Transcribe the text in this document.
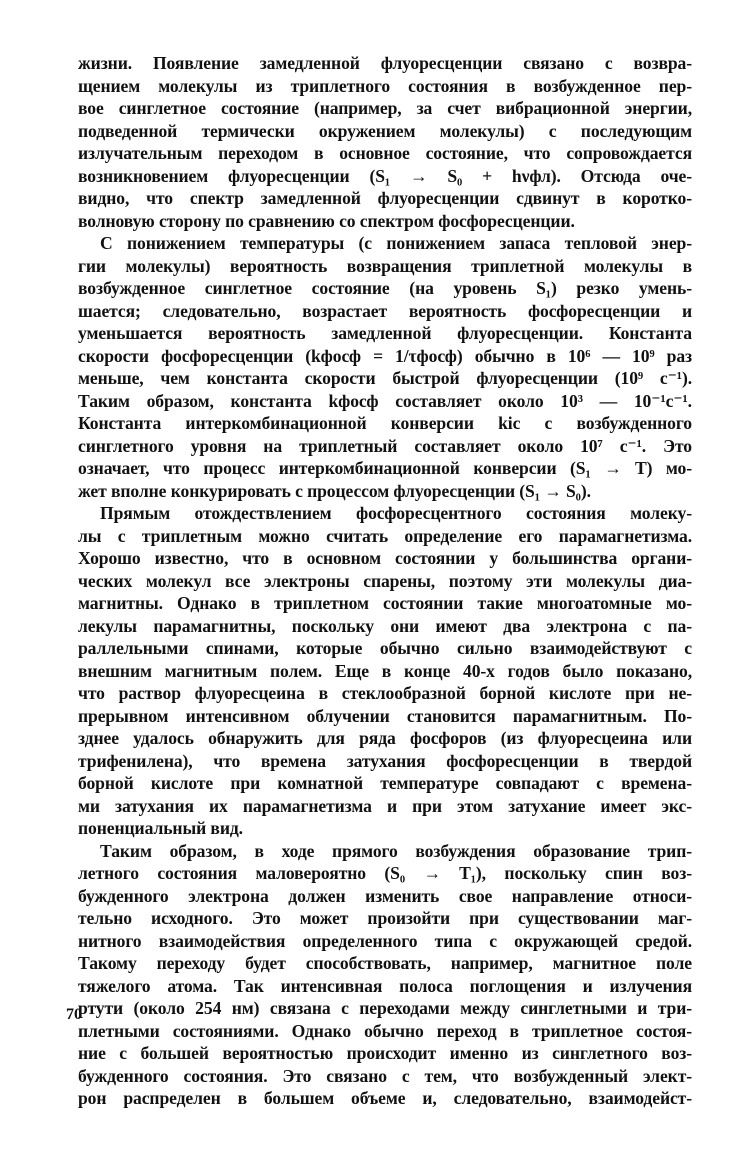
жизни. Появление замедленной флуоресценции связано с возвра-
щением молекулы из триплетного состояния в возбужденное пер-
вое синглетное состояние (например, за счет вибрационной энергии,
подведенной термически окружением молекулы) с последующим
излучательным переходом в основное состояние, что сопровождается
возникновением флуоресценции (S₁ → S₀ + hνфл). Отсюда оче-
видно, что спектр замедленной флуоресценции сдвинут в коротко-
волновую сторону по сравнению со спектром фосфоресценции.
С понижением температуры (с понижением запаса тепловой энер-
гии молекулы) вероятность возвращения триплетной молекулы в
возбужденное синглетное состояние (на уровень S₁) резко умень-
шается; следовательно, возрастает вероятность фосфоресценции и
уменьшается вероятность замедленной флуоресценции. Константа
скорости фосфоресценции (kфосф = 1/τфосф) обычно в 10⁶ — 10⁹ раз
меньше, чем константа скорости быстрой флуоресценции (10⁹ с⁻¹).
Таким образом, константа kфосф составляет около 10³ — 10⁻¹с⁻¹.
Константа интеркомбинационной конверсии kic с возбужденного
синглетного уровня на триплетный составляет около 10⁷ с⁻¹. Это
означает, что процесс интеркомбинационной конверсии (S₁ → T) мо-
жет вполне конкурировать с процессом флуоресценции (S₁ → S₀).
Прямым отождествлением фосфоресцентного состояния молеку-
лы с триплетным можно считать определение его парамагнетизма.
Хорошо известно, что в основном состоянии у большинства органи-
ческих молекул все электроны спарены, поэтому эти молекулы диа-
магнитны. Однако в триплетном состоянии такие многоатомные мо-
лекулы парамагнитны, поскольку они имеют два электрона с па-
раллельными спинами, которые обычно сильно взаимодействуют с
внешним магнитным полем. Еще в конце 40-х годов было показано,
что раствор флуоресцеина в стеклообразной борной кислоте при не-
прерывном интенсивном облучении становится парамагнитным. По-
зднее удалось обнаружить для ряда фосфоров (из флуоресцеина или
трифенилена), что времена затухания фосфоресценции в твердой
борной кислоте при комнатной температуре совпадают с времена-
ми затухания их парамагнетизма и при этом затухание имеет экс-
поненциальный вид.
Таким образом, в ходе прямого возбуждения образование трип-
летного состояния маловероятно (S₀ → T₁), поскольку спин воз-
бужденного электрона должен изменить свое направление относи-
тельно исходного. Это может произойти при существовании маг-
нитного взаимодействия определенного типа с окружающей средой.
Такому переходу будет способствовать, например, магнитное поле
тяжелого атома. Так интенсивная полоса поглощения и излучения
ртути (около 254 нм) связана с переходами между синглетными и три-
плетными состояниями. Однако обычно переход в триплетное состоя-
ние с большей вероятностью происходит именно из синглетного воз-
бужденного состояния. Это связано с тем, что возбужденный элект-
рон распределен в большем объеме и, следовательно, взаимодейст-
70
